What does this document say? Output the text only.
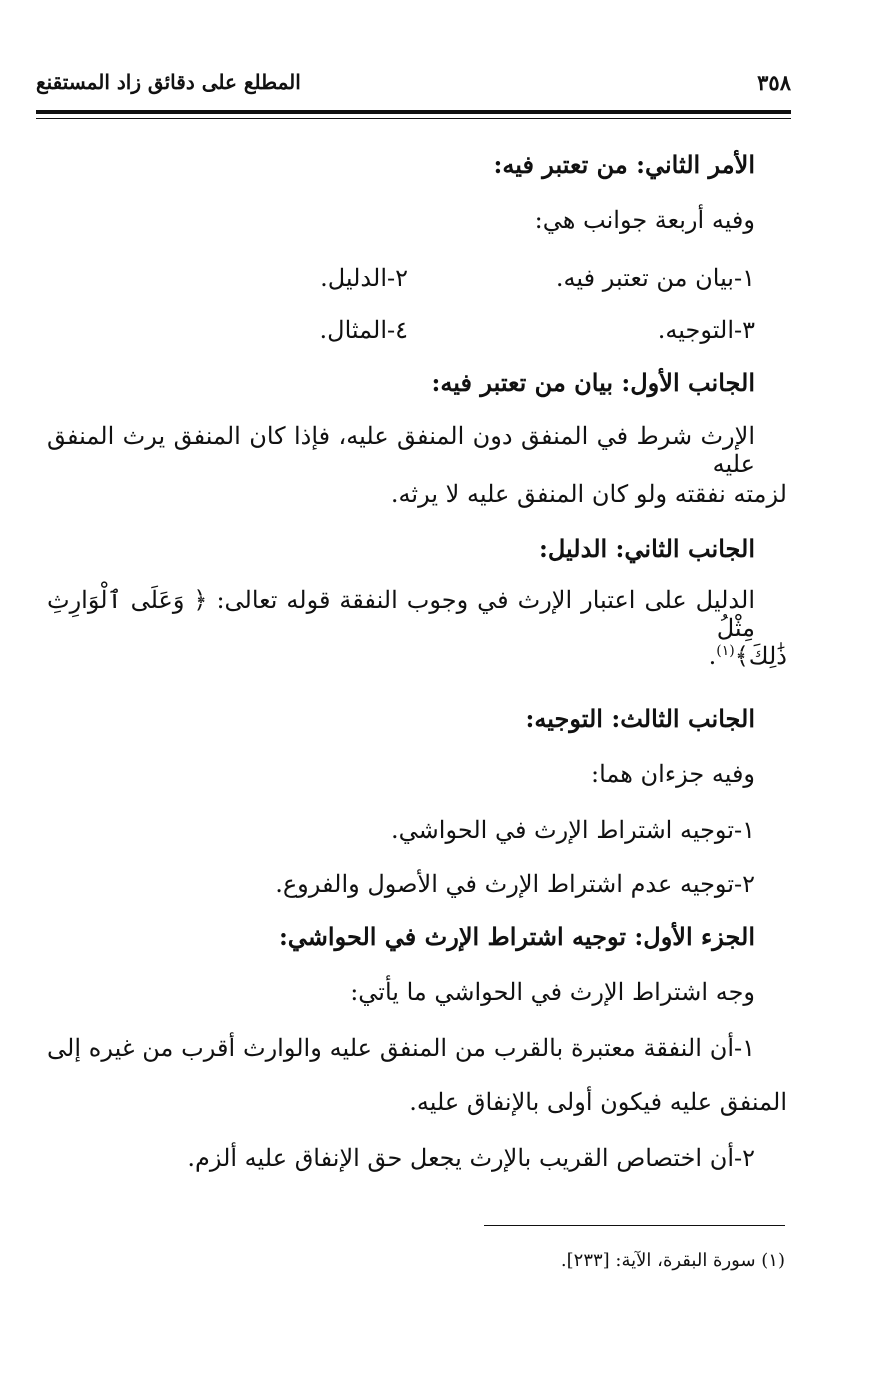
٣٥٨
المطلع على دقائق زاد المستقنع
الأمر الثاني: من تعتبر فيه:
وفيه أربعة جوانب هي:
١-بيان من تعتبر فيه.
٢-الدليل.
٣-التوجيه.
٤-المثال.
الجانب الأول: بيان من تعتبر فيه:
الإرث شرط في المنفق دون المنفق عليه، فإذا كان المنفق يرث المنفق عليه
لزمته نفقته ولو كان المنفق عليه لا يرثه.
الجانب الثاني: الدليل:
الدليل على اعتبار الإرث في وجوب النفقة قوله تعالى: ﴿ وَعَلَى ٱلْوَارِثِ مِثْلُ
ذَٰلِكَ﴾$^{(١)}$.
الجانب الثالث: التوجيه:
وفيه جزءان هما:
١-توجيه اشتراط الإرث في الحواشي.
٢-توجيه عدم اشتراط الإرث في الأصول والفروع.
الجزء الأول: توجيه اشتراط الإرث في الحواشي:
وجه اشتراط الإرث في الحواشي ما يأتي:
١-أن النفقة معتبرة بالقرب من المنفق عليه والوارث أقرب من غيره إلى
المنفق عليه فيكون أولى بالإنفاق عليه.
٢-أن اختصاص القريب بالإرث يجعل حق الإنفاق عليه ألزم.
(١) سورة البقرة، الآية: [٢٣٣].
